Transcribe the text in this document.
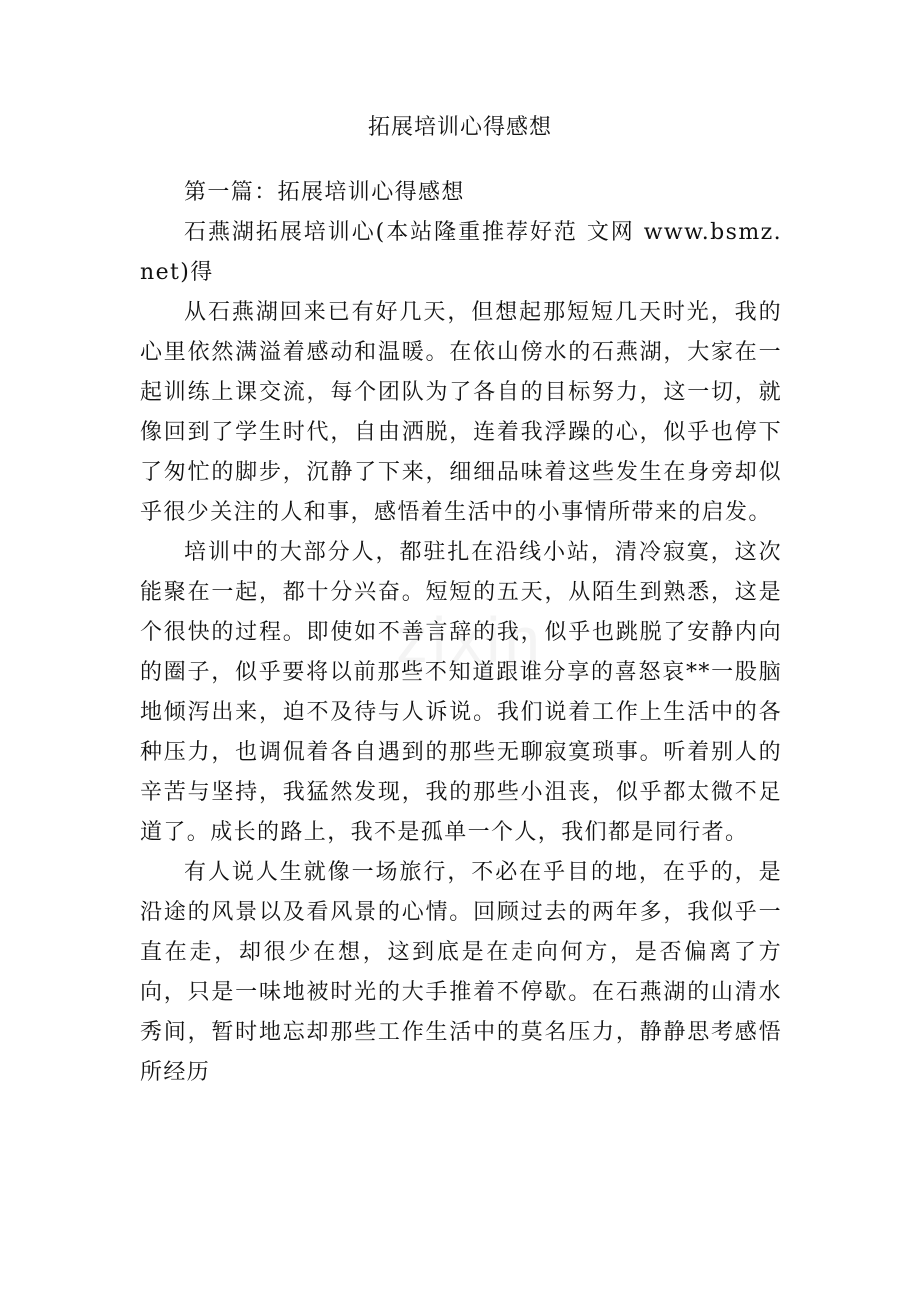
拓展培训心得感想

第一篇：拓展培训心得感想

石燕湖拓展培训心(本站隆重推荐好范 文网 www.bsmz.net)得

从石燕湖回来已有好几天，但想起那短短几天时光，我的心里依然满溢着感动和温暖。在依山傍水的石燕湖，大家在一起训练上课交流，每个团队为了各自的目标努力，这一切，就像回到了学生时代，自由洒脱，连着我浮躁的心，似乎也停下了匆忙的脚步，沉静了下来，细细品味着这些发生在身旁却似乎很少关注的人和事，感悟着生活中的小事情所带来的启发。

培训中的大部分人，都驻扎在沿线小站，清冷寂寞，这次能聚在一起，都十分兴奋。短短的五天，从陌生到熟悉，这是个很快的过程。即使如不善言辞的我，似乎也跳脱了安静内向的圈子，似乎要将以前那些不知道跟谁分享的喜怒哀**一股脑地倾泻出来，迫不及待与人诉说。我们说着工作上生活中的各种压力，也调侃着各自遇到的那些无聊寂寞琐事。听着别人的辛苦与坚持，我猛然发现，我的那些小沮丧，似乎都太微不足道了。成长的路上，我不是孤单一个人，我们都是同行者。

有人说人生就像一场旅行，不必在乎目的地，在乎的，是沿途的风景以及看风景的心情。回顾过去的两年多，我似乎一直在走，却很少在想，这到底是在走向何方，是否偏离了方向，只是一味地被时光的大手推着不停歇。在石燕湖的山清水秀间，暂时地忘却那些工作生活中的莫名压力，静静思考感悟所经历
